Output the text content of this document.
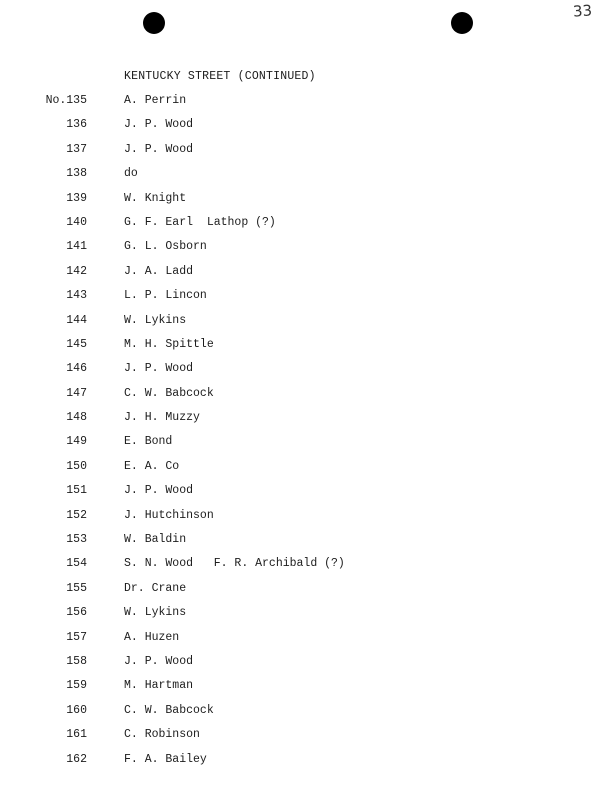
33
KENTUCKY STREET (CONTINUED)
No.135	A. Perrin
136	J. P. Wood
137	J. P. Wood
138	do
139	W. Knight
140	G. F. Earl  Lathop (?)
141	G. L. Osborn
142	J. A. Ladd
143	L. P. Lincon
144	W. Lykins
145	M. H. Spittle
146	J. P. Wood
147	C. W. Babcock
148	J. H. Muzzy
149	E. Bond
150	E. A. Co
151	J. P. Wood
152	J. Hutchinson
153	W. Baldin
154	S. N. Wood   F. R. Archibald (?)
155	Dr. Crane
156	W. Lykins
157	A. Huzen
158	J. P. Wood
159	M. Hartman
160	C. W. Babcock
161	C. Robinson
162	F. A. Bailey
